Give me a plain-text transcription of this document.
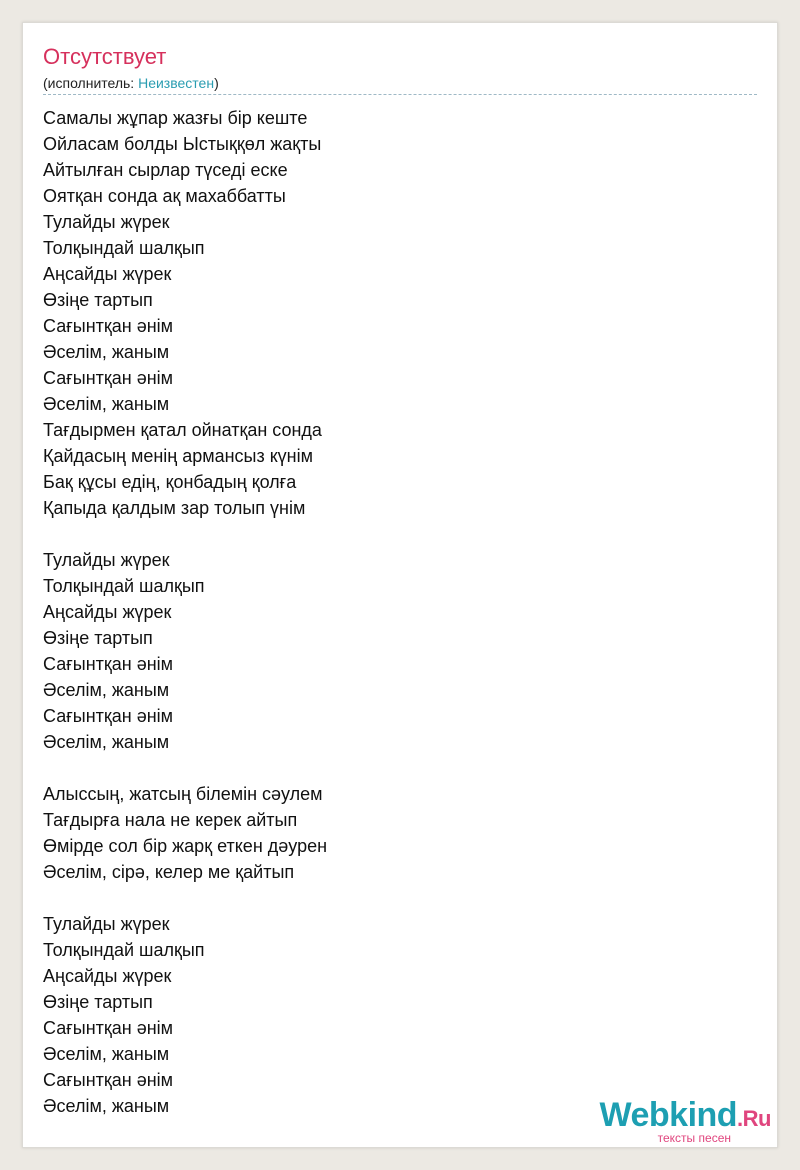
Отсутствует
(исполнитель: Неизвестен)
Самалы жұпар жазғы бір кеште
Ойласам болды Ыстыққөл жақты
Айтылған сырлар түседі еске
Оятқан сонда ақ махаббатты
Тулайды жүрек
Толқындай шалқып
Аңсайды жүрек
Өзіңе тартып
Сағынтқан әнім
Әселім, жаным
Сағынтқан әнім
Әселім, жаным
Тағдырмен қатал ойнатқан сонда
Қайдасың менің армансыз күнім
Бақ құсы едің, қонбадың қолға
Қапыда қалдым зар толып үнім
Тулайды жүрек
Толқындай шалқып
Аңсайды жүрек
Өзіңе тартып
Сағынтқан әнім
Әселім, жаным
Сағынтқан әнім
Әселім, жаным
Алыссың, жатсың білемін сәулем
Тағдырға нала не керек айтып
Өмірде сол бір жарқ еткен дәурен
Әселім, сірә, келер ме қайтып
Тулайды жүрек
Толқындай шалқып
Аңсайды жүрек
Өзіңе тартып
Сағынтқан әнім
Әселім, жаным
Сағынтқан әнім
Әселім, жаным	Webkind.Ru
тексты песен
